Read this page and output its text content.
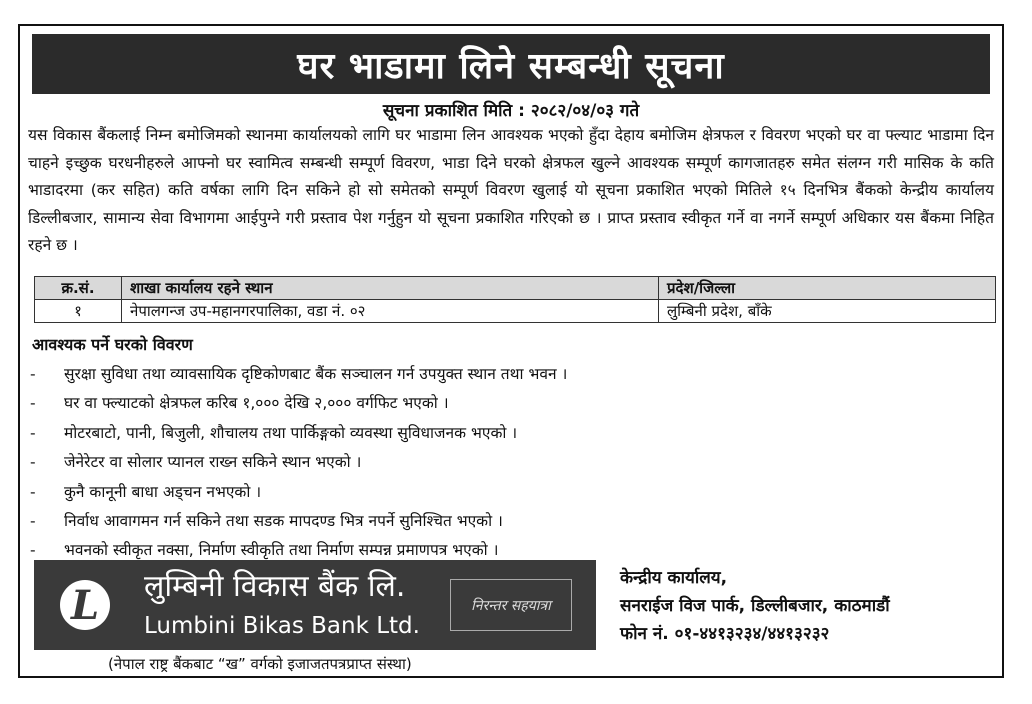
घर भाडामा लिने सम्बन्धी सूचना
सूचना प्रकाशित मिति : २०८२/०४/०३ गते
यस विकास बैंकलाई निम्न बमोजिमको स्थानमा कार्यालयको लागि घर भाडामा लिन आवश्यक भएको हुँदा देहाय बमोजिम क्षेत्रफल र विवरण भएको घर वा फ्ल्याट भाडामा दिन चाहने इच्छुक घरधनीहरुले आफ्नो घर स्वामित्व सम्बन्धी सम्पूर्ण विवरण, भाडा दिने घरको क्षेत्रफल खुल्ने आवश्यक सम्पूर्ण कागजातहरु समेत संलग्न गरी मासिक के कति भाडादरमा (कर सहित) कति वर्षका लागि दिन सकिने हो सो समेतको सम्पूर्ण विवरण खुलाई यो सूचना प्रकाशित भएको मितिले १५ दिनभित्र बैंकको केन्द्रीय कार्यालय डिल्लीबजार, सामान्य सेवा विभागमा आईपुग्ने गरी प्रस्ताव पेश गर्नुहुन यो सूचना प्रकाशित गरिएको छ । प्राप्त प्रस्ताव स्वीकृत गर्ने वा नगर्ने सम्पूर्ण अधिकार यस बैंकमा निहित रहने छ ।
क्र.सं.	शाखा कार्यालय रहने स्थान	प्रदेश/जिल्ला
१	नेपालगन्ज उप-महानगरपालिका, वडा नं. ०२	लुम्बिनी प्रदेश, बाँके
आवश्यक पर्ने घरको विवरण
-	सुरक्षा सुविधा तथा व्यावसायिक दृष्टिकोणबाट बैंक सञ्चालन गर्न उपयुक्त स्थान तथा भवन ।
-	घर वा फ्ल्याटको क्षेत्रफल करिब १,००० देखि २,००० वर्गफिट भएको ।
-	मोटरबाटो, पानी, बिजुली, शौचालय तथा पार्किङ्गको व्यवस्था सुविधाजनक भएको ।
-	जेनेरेटर वा सोलार प्यानल राख्न सकिने स्थान भएको ।
-	कुनै कानूनी बाधा अड्चन नभएको ।
-	निर्वाध आवागमन गर्न सकिने तथा सडक मापदण्ड भित्र नपर्ने सुनिश्चित भएको ।
-	भवनको स्वीकृत नक्सा, निर्माण स्वीकृति तथा निर्माण सम्पन्न प्रमाणपत्र भएको ।
L	लुम्बिनी विकास बैंक लि.
Lumbini Bikas Bank Ltd.
निरन्तर सहयात्रा
केन्द्रीय कार्यालय,
सनराईज विज पार्क, डिल्लीबजार, काठमाडौं
फोन नं. ०१-४४१३२३४/४४१३२३२
(नेपाल राष्ट्र बैंकबाट “ख” वर्गको इजाजतपत्रप्राप्त संस्था)
